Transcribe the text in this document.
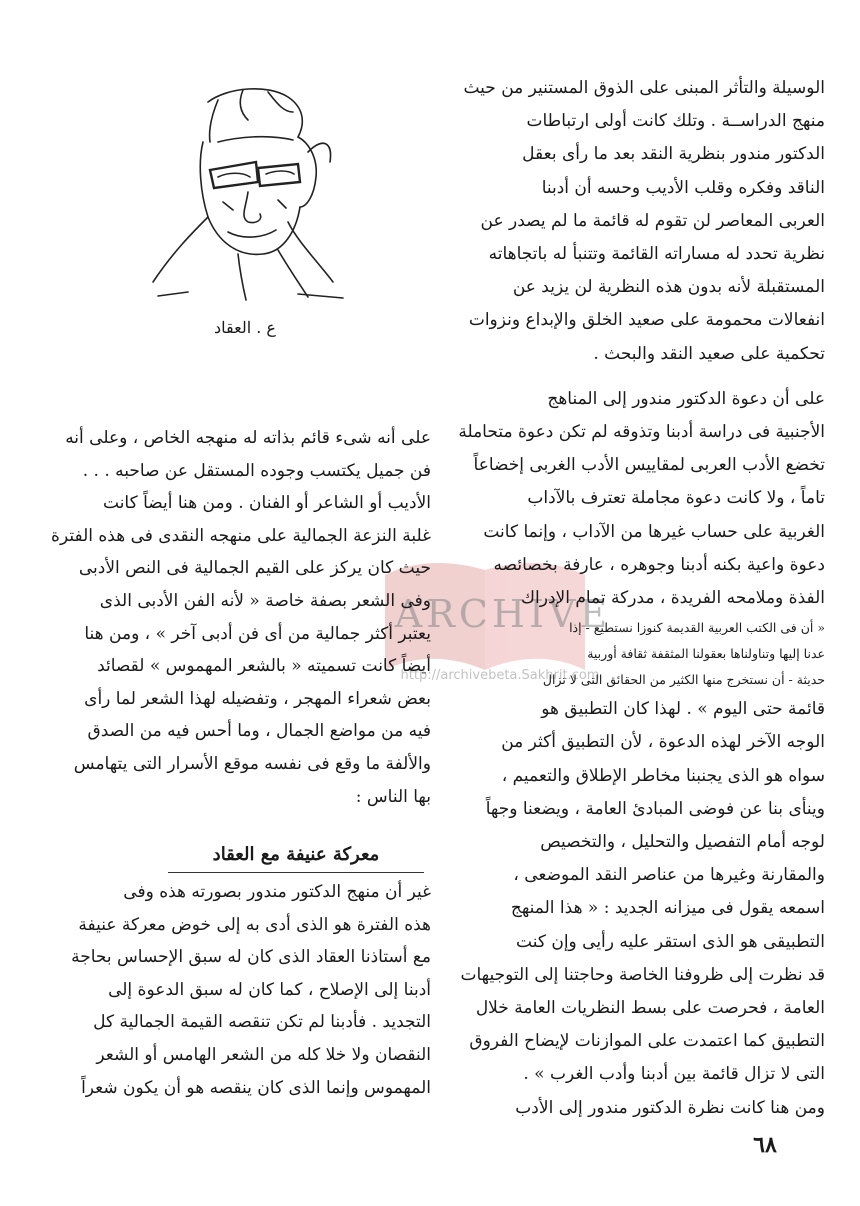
ع . العقاد
ARCHIVE
http://archivebeta.Sakhrit.com
الوسيلة والتأثر المبنى على الذوق المستنير من حيث
منهج الدراســة . وتلك كانت أولى ارتباطات
الدكتور مندور بنظرية النقد بعد ما رأى بعقل
الناقد وفكره وقلب الأديب وحسه أن أدبنا
العربى المعاصر لن تقوم له قائمة ما لم يصدر عن
نظرية تحدد له مساراته القائمة وتتنبأ له باتجاهاته
المستقبلة لأنه بدون هذه النظرية لن يزيد عن
انفعالات محمومة على صعيد الخلق والإبداع ونزوات
تحكمية على صعيد النقد والبحث .
على أن دعوة الدكتور مندور إلى المناهج
الأجنبية فى دراسة أدبنا وتذوقه لم تكن دعوة متحاملة
تخضع الأدب العربى لمقاييس الأدب الغربى إخضاعاً
تاماً ، ولا كانت دعوة مجاملة تعترف بالآداب
الغربية على حساب غيرها من الآداب ، وإنما كانت
دعوة واعية بكنه أدبنا وجوهره ، عارفة بخصائصه
الفذة وملامحه الفريدة ، مدركة تمام الإدراك
« أن فى الكتب العربية القديمة كنوزا نستطيع - إذا
عدنا إليها وتناولناها بعقولنا المثقفة ثقافة أوربية
حديثة - أن نستخرج منها الكثير من الحقائق التى لا تزال
قائمة حتى اليوم » . لهذا كان التطبيق هو
الوجه الآخر لهذه الدعوة ، لأن التطبيق أكثر من
سواه هو الذى يجنبنا مخاطر الإطلاق والتعميم ،
وينأى بنا عن فوضى المبادئ العامة ، ويضعنا وجهاً
لوجه أمام التفصيل والتحليل ، والتخصيص
والمقارنة وغيرها من عناصر النقد الموضعى ،
اسمعه يقول فى ميزانه الجديد : « هذا المنهج
التطبيقى هو الذى استقر عليه رأيى وإن كنت
قد نظرت إلى ظروفنا الخاصة وحاجتنا إلى التوجيهات
العامة ، فحرصت على بسط النظريات العامة خلال
التطبيق كما اعتمدت على الموازنات لإيضاح الفروق
التى لا تزال قائمة بين أدبنا وأدب الغرب » .
ومن هنا كانت نظرة الدكتور مندور إلى الأدب
على أنه شىء قائم بذاته له منهجه الخاص ، وعلى أنه
فن جميل يكتسب وجوده المستقل عن صاحبه . . .
الأديب أو الشاعر أو الفنان . ومن هنا أيضاً كانت
غلبة النزعة الجمالية على منهجه النقدى فى هذه الفترة
حيث كان يركز على القيم الجمالية فى النص الأدبى
وفى الشعر بصفة خاصة « لأنه الفن الأدبى الذى
يعتبر أكثر جمالية من أى فن أدبى آخر » ، ومن هنا
أيضاً كانت تسميته « بالشعر المهموس » لقصائد
بعض شعراء المهجر ، وتفضيله لهذا الشعر لما رأى
فيه من مواضع الجمال ، وما أحس فيه من الصدق
والألفة ما وقع فى نفسه موقع الأسرار التى يتهامس
بها الناس :
معركة عنيفة مع العقاد
غير أن منهج الدكتور مندور بصورته هذه وفى
هذه الفترة هو الذى أدى به إلى خوض معركة عنيفة
مع أستاذنا العقاد الذى كان له سبق الإحساس بحاجة
أدبنا إلى الإصلاح ، كما كان له سبق الدعوة إلى
التجديد . فأدبنا لم تكن تنقصه القيمة الجمالية كل
النقصان ولا خلا كله من الشعر الهامس أو الشعر
المهموس وإنما الذى كان ينقصه هو أن يكون شعراً
٦٨
